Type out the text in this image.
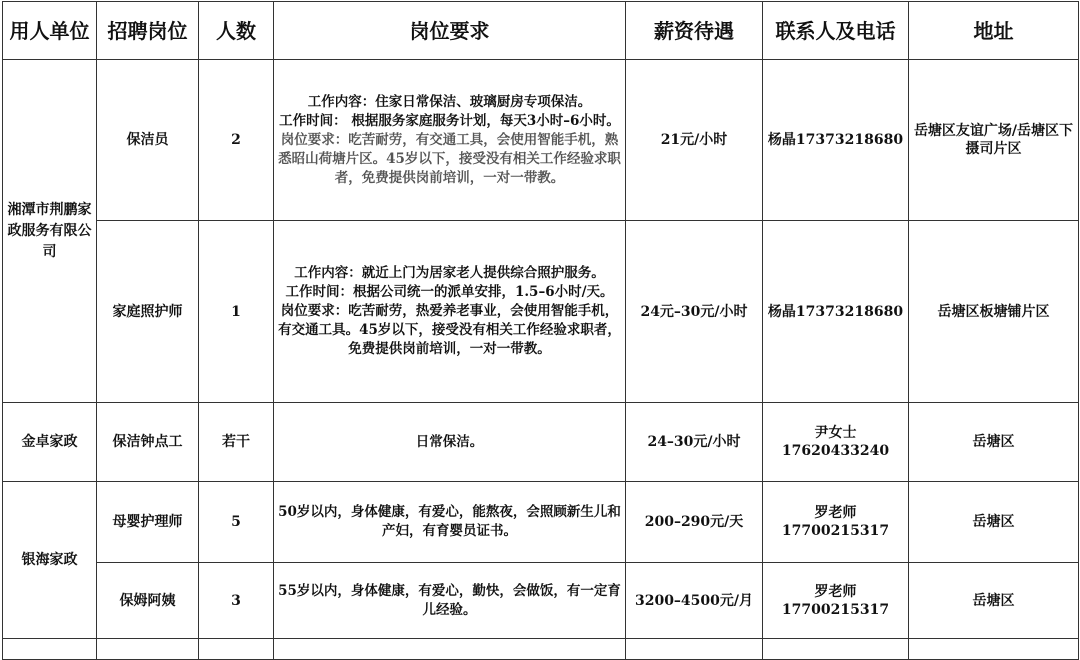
用人单位	招聘岗位	人数	岗位要求	薪资待遇	联系人及电话	地址
湘潭市荆鹏家政服务有限公司	保洁员	2	工作内容：住家日常保洁、玻璃厨房专项保洁。
工作时间： 根据服务家庭服务计划，每天3小时–6小时。
岗位要求：吃苦耐劳，有交通工具，会使用智能手机，熟悉昭山荷塘片区。45岁以下，接受没有相关工作经验求职者，免费提供岗前培训，一对一带教。	21元/小时	杨晶17373218680	岳塘区友谊广场/岳塘区下摄司片区
	家庭照护师	1	工作内容：就近上门为居家老人提供综合照护服务。
工作时间：根据公司统一的派单安排，1.5–6小时/天。
岗位要求：吃苦耐劳，热爱养老事业，会使用智能手机，有交通工具。45岁以下，接受没有相关工作经验求职者，免费提供岗前培训，一对一带教。	24元–30元/小时	杨晶17373218680	岳塘区板塘铺片区
金卓家政	保洁钟点工	若干	日常保洁。	24–30元/小时	尹女士 17620433240	岳塘区
银海家政	母婴护理师	5	50岁以内，身体健康，有爱心，能熬夜，会照顾新生儿和产妇，有育婴员证书。	200–290元/天	罗老师17700215317	岳塘区
	保姆阿姨	3	55岁以内，身体健康，有爱心，勤快，会做饭，有一定育儿经验。	3200–4500元/月	罗老师17700215317	岳塘区
